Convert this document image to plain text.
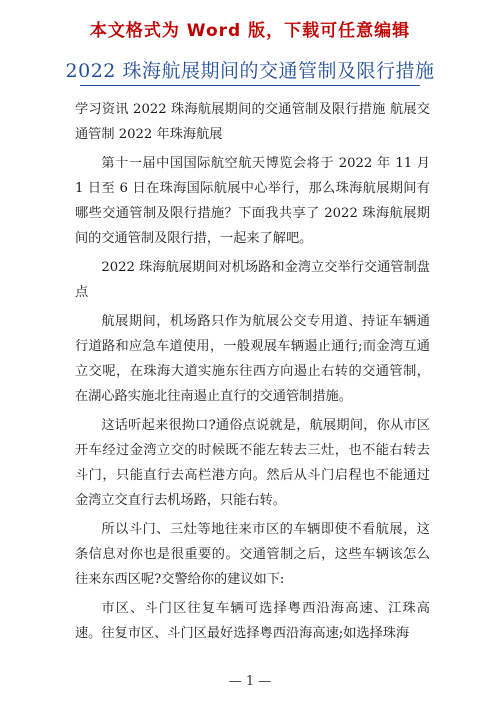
本文格式为 Word 版，下载可任意编辑
2022 珠海航展期间的交通管制及限行措施

学习资讯 2022 珠海航展期间的交通管制及限行措施 航展交通管制 2022 年珠海航展

第十一届中国国际航空航天博览会将于 2022 年 11 月 1 日至 6 日在珠海国际航展中心举行，那么珠海航展期间有哪些交通管制及限行措施？下面我共享了 2022 珠海航展期间的交通管制及限行措，一起来了解吧。

2022 珠海航展期间对机场路和金湾立交举行交通管制盘点

航展期间，机场路只作为航展公交专用道、持证车辆通行道路和应急车道使用，一般观展车辆遏止通行;而金湾互通立交呢，在珠海大道实施东往西方向遏止右转的交通管制，在湖心路实施北往南遏止直行的交通管制措施。

这话听起来很拗口?通俗点说就是，航展期间，你从市区开车经过金湾立交的时候既不能左转去三灶，也不能右转去斗门，只能直行去高栏港方向。然后从斗门启程也不能通过金湾立交直行去机场路，只能右转。

所以斗门、三灶等地往来市区的车辆即使不看航展，这条信息对你也是很重要的。交通管制之后，这些车辆该怎么往来东西区呢?交警给你的建议如下:

市区、斗门区往复车辆可选择粤西沿海高速、江珠高速。往复市区、斗门区最好选择粤西沿海高速;如选择珠海

— 1 —
